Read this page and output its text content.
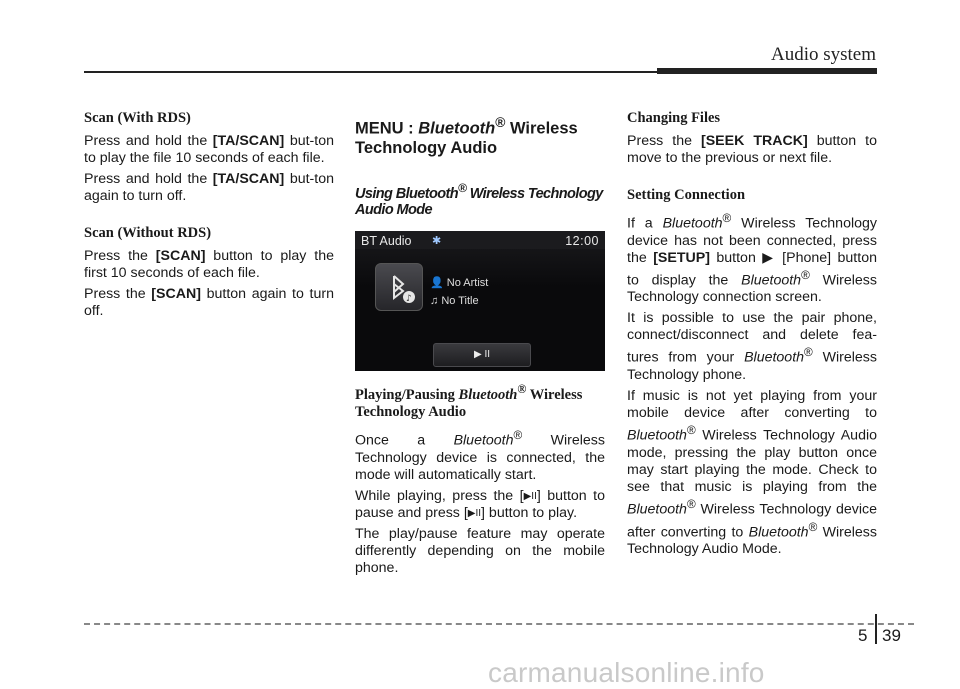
Audio system
Scan (With RDS)

Press and hold the [TA/SCAN] but-ton to play the file 10 seconds of each file.

Press and hold the [TA/SCAN] but-ton again to turn off.

Scan (Without RDS)

Press the [SCAN] button to play the first 10 seconds of each file.

Press the [SCAN] button again to turn off.

MENU : Bluetooth® Wireless Technology Audio
Using Bluetooth® Wireless Technology Audio Mode
BT Audio ✱	12:00
♪
👤 No Artist
♫ No Title
▶ II
Playing/Pausing Bluetooth® Wireless Technology Audio

Once a Bluetooth® Wireless Technology device is connected, the mode will automatically start.

While playing, press the [▶II] button to pause and press [▶II] button to play.

The play/pause feature may operate differently depending on the mobile phone.

Changing Files

Press the [SEEK TRACK] button to move to the previous or next file.

Setting Connection

If a Bluetooth® Wireless Technology device has not been connected, press the [SETUP] button ▶ [Phone] button to display the Bluetooth® Wireless Technology connection screen.

It is possible to use the pair phone, connect/disconnect and delete fea-tures from your Bluetooth® Wireless Technology phone.

If music is not yet playing from your mobile device after converting to Bluetooth® Wireless Technology Audio mode, pressing the play button once may start playing the mode. Check to see that music is playing from the Bluetooth® Wireless Technology device after converting to Bluetooth® Wireless Technology Audio Mode.

5 39
carmanualsonline.info
